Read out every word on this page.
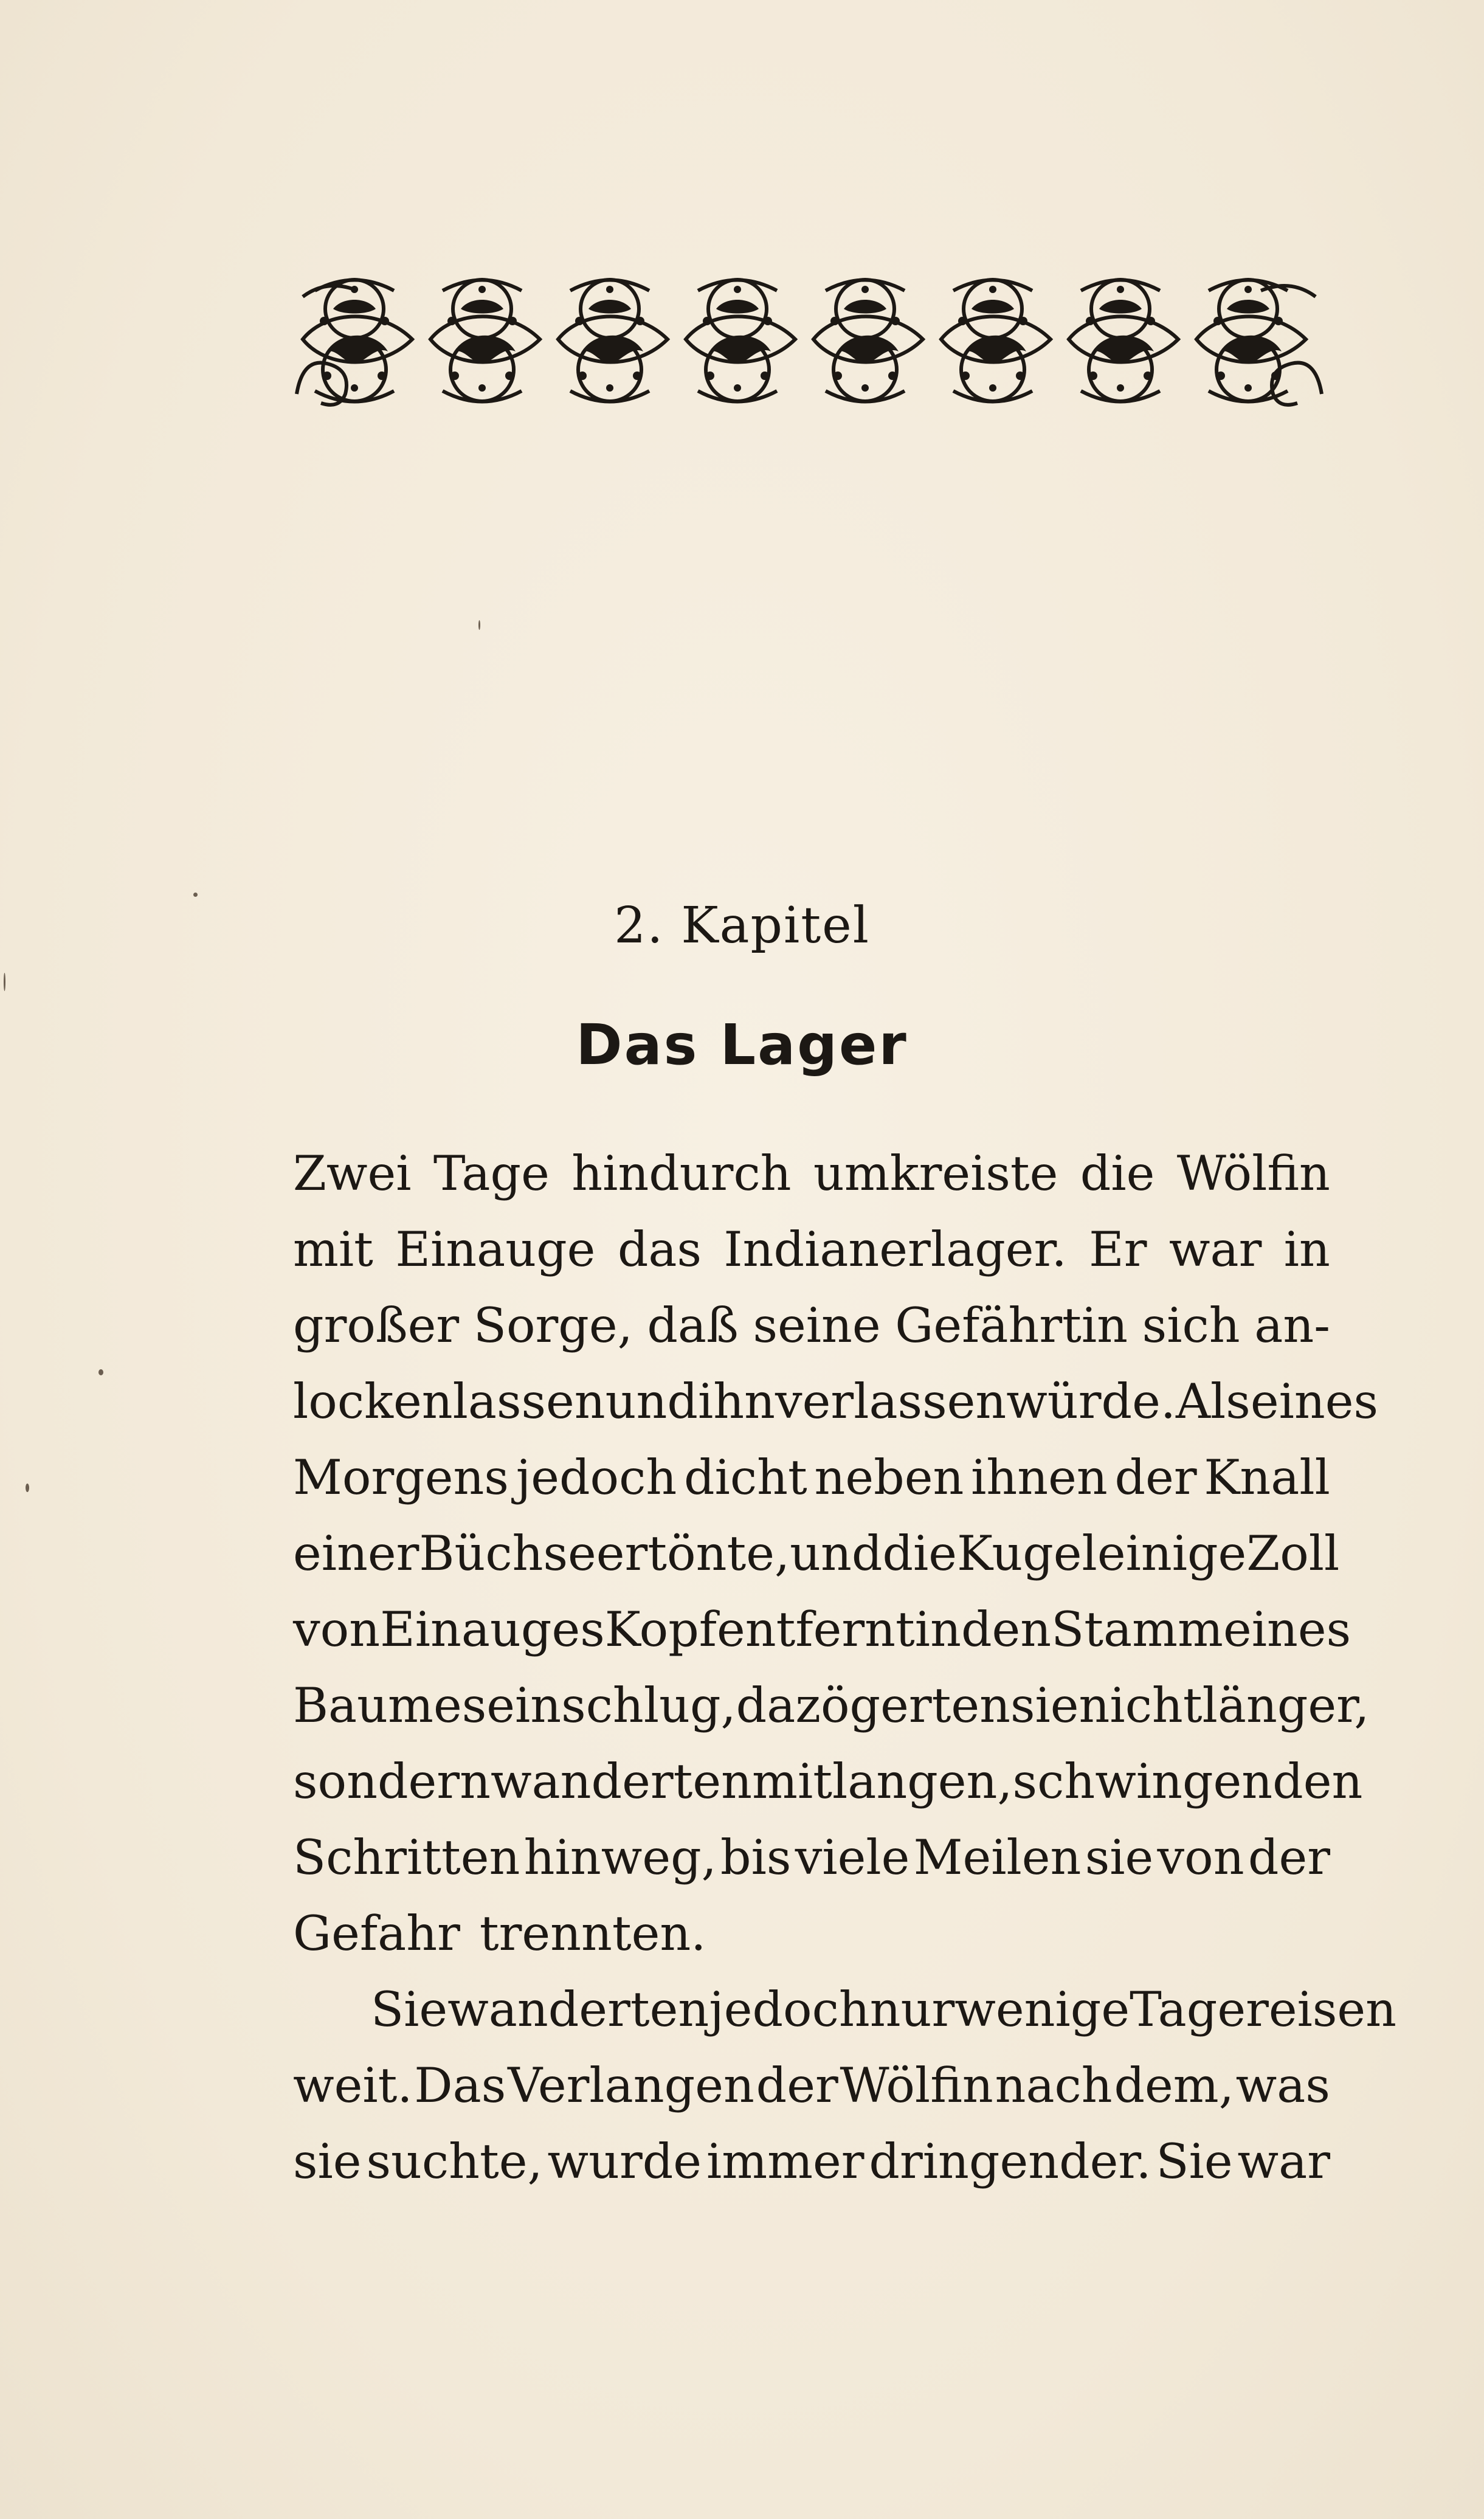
2. Kapitel
Das Lager
Zwei Tage hindurch umkreiste die Wölfin
mit Einauge das Indianerlager. Er war in
großer Sorge, daß seine Gefährtin sich an-
locken lassen und ihn verlassen würde. Als eines
Morgens jedoch dicht neben ihnen der Knall
einer Büchse ertönte, und die Kugel einige Zoll
von Einauges Kopf entfernt in den Stamm eines
Baumes einschlug, da zögerten sie nicht länger,
sondern wanderten mit langen, schwingenden
Schritten hinweg, bis viele Meilen sie von der
Gefahr trennten.
Sie wanderten jedoch nur wenige Tagereisen
weit. Das Verlangen der Wölfin nach dem, was
sie suchte, wurde immer dringender. Sie war
